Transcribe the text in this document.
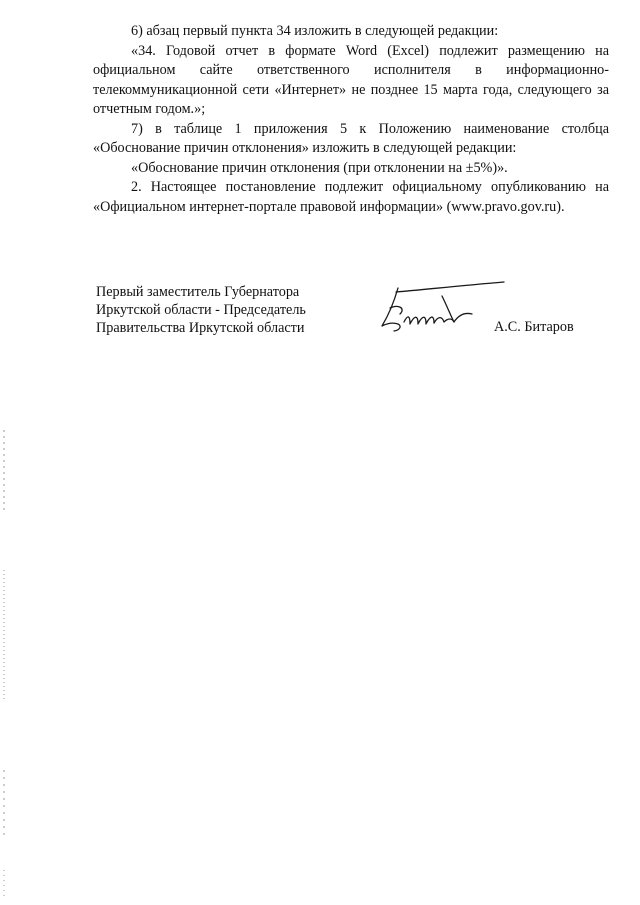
6) абзац первый пункта 34 изложить в следующей редакции:

«34. Годовой отчет в формате Word (Excel) подлежит размещению на официальном сайте ответственного исполнителя в информационно-телекоммуникационной сети «Интернет» не позднее 15 марта года, следующего за отчетным годом.»;

7) в таблице 1 приложения 5 к Положению наименование столбца «Обоснование причин отклонения» изложить в следующей редакции:

«Обоснование причин отклонения (при отклонении на ±5%)».

2. Настоящее постановление подлежит официальному опубликованию на «Официальном интернет-портале правовой информации» (www.pravo.gov.ru).

Первый заместитель Губернатора
Иркутской области - Председатель
Правительства Иркутской области	А.С. Битаров
